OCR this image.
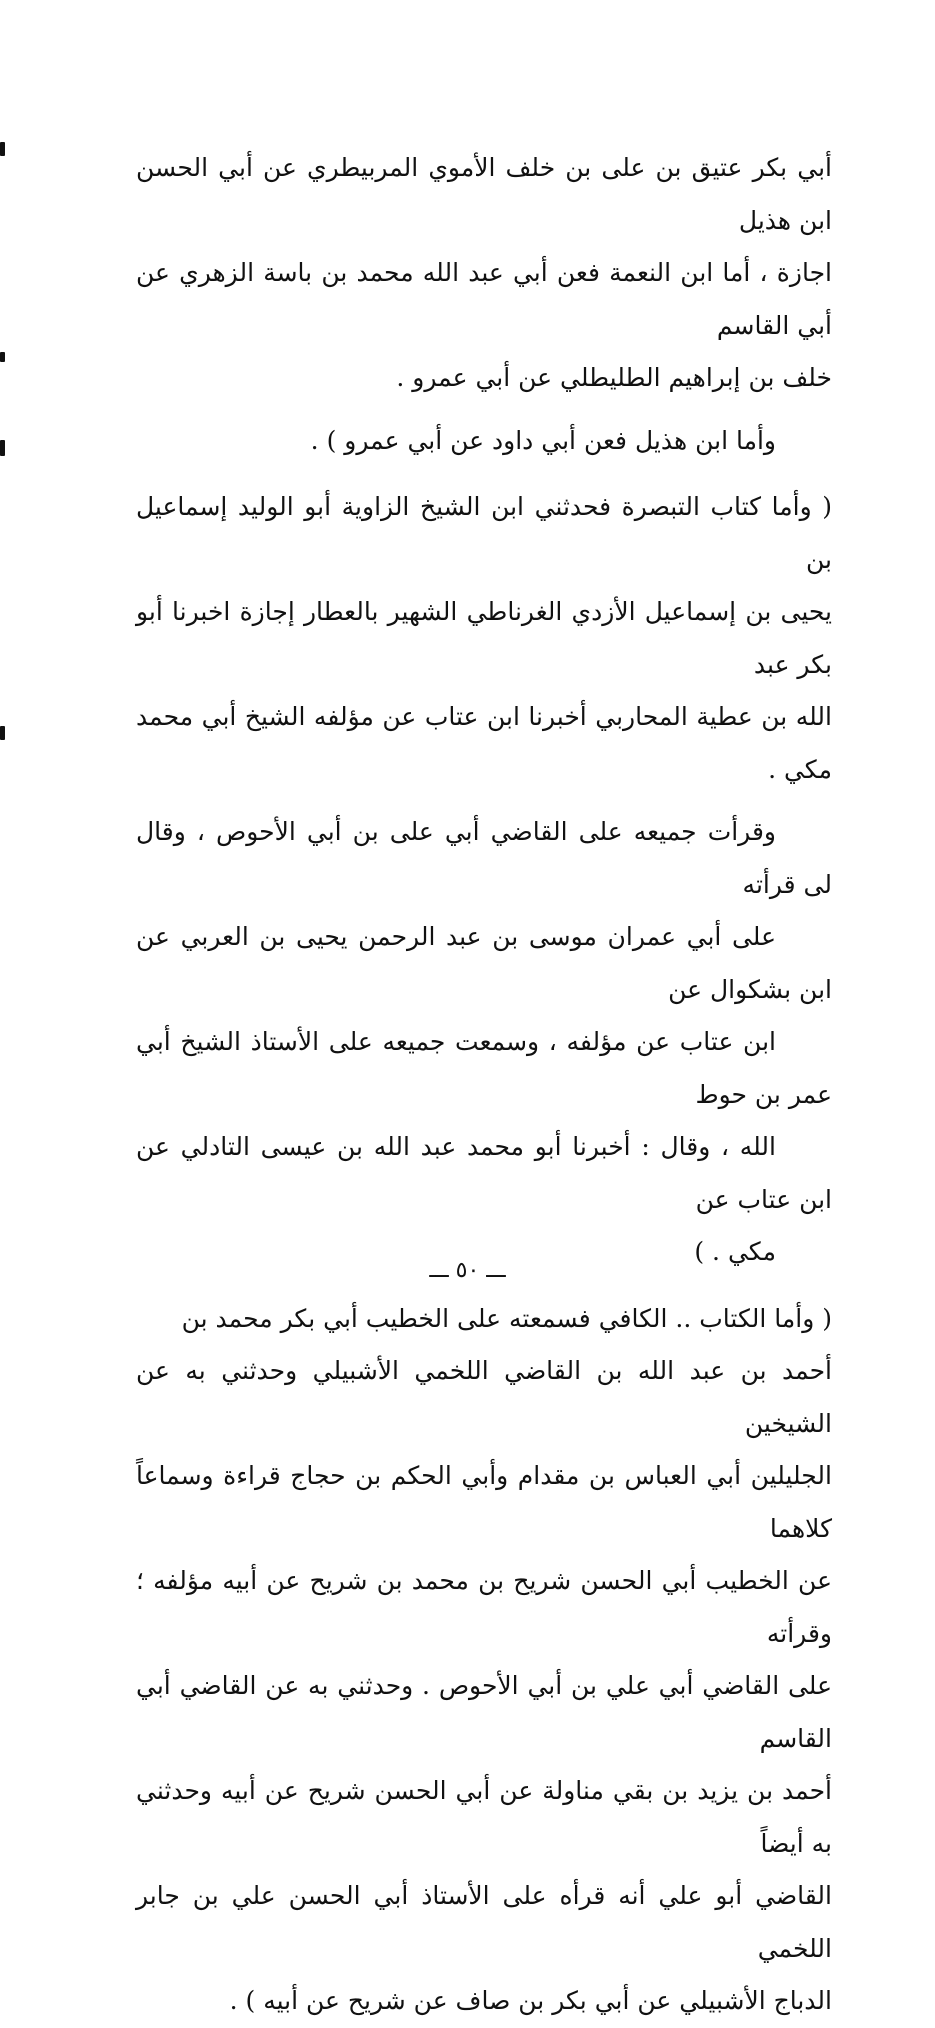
أبي بكر عتيق بن على بن خلف الأموي المربيطري عن أبي الحسن ابن هذيل
اجازة ، أما ابن النعمة فعن أبي عبد الله محمد بن باسة الزهري عن أبي القاسم
خلف بن إبراهيم الطليطلي عن أبي عمرو .

وأما ابن هذيل فعن أبي داود عن أبي عمرو ) .

( وأما كتاب التبصرة فحدثني ابن الشيخ الزاوية أبو الوليد إسماعيل بن
يحيى بن إسماعيل الأزدي الغرناطي الشهير بالعطار إجازة اخبرنا أبو بكر عبد
الله بن عطية المحاربي أخبرنا ابن عتاب عن مؤلفه الشيخ أبي محمد مكي .

وقرأت جميعه على القاضي أبي على بن أبي الأحوص ، وقال لى قرأته
على أبي عمران موسى بن عبد الرحمن يحيى بن العربي عن ابن بشكوال عن
ابن عتاب عن مؤلفه ، وسمعت جميعه على الأستاذ الشيخ أبي عمر بن حوط
الله ، وقال : أخبرنا أبو محمد عبد الله بن عيسى التادلي عن ابن عتاب عن
مكي . )

( وأما الكتاب .. الكافي فسمعته على الخطيب أبي بكر محمد بن
أحمد بن عبد الله بن القاضي اللخمي الأشبيلي وحدثني به عن الشيخين
الجليلين أبي العباس بن مقدام وأبي الحكم بن حجاج قراءة وسماعاً كلاهما
عن الخطيب أبي الحسن شريح بن محمد بن شريح عن أبيه مؤلفه ؛ وقرأته
على القاضي أبي علي بن أبي الأحوص . وحدثني به عن القاضي أبي القاسم
أحمد بن يزيد بن بقي مناولة عن أبي الحسن شريح عن أبيه وحدثني به أيضاً
القاضي أبو علي أنه قرأه على الأستاذ أبي الحسن علي بن جابر اللخمي
الدباج الأشبيلي عن أبي بكر بن صاف عن شريح عن أبيه ) .

ـــ ٥٠ ـــ
